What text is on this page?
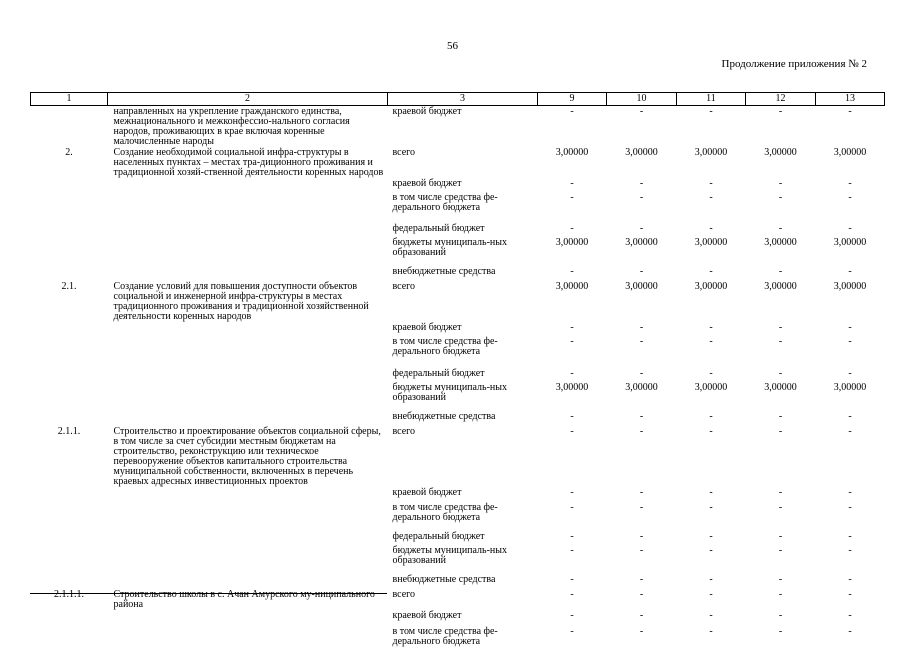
56
Продолжение приложения № 2
1	2	3	9	10	11	12	13
	направленных на укрепление гражданского единства, межнационального и межконфессио-нального согласия народов, проживающих в крае включая коренные малочисленные народы	краевой бюджет	-	-	-	-	-
2.	Создание необходимой социальной инфра-структуры в населенных пунктах – местах тра-диционного проживания и традиционной хозяй-ственной деятельности коренных народов	всего	3,00000	3,00000	3,00000	3,00000	3,00000
		краевой бюджет	-	-	-	-	-
		в том числе средства фе-дерального бюджета	-	-	-	-	-
		федеральный бюджет	-	-	-	-	-
		бюджеты муниципаль-ных образований	3,00000	3,00000	3,00000	3,00000	3,00000
		внебюджетные средства	-	-	-	-	-
2.1.	Создание условий для повышения доступности объектов социальной и инженерной инфра-структуры в местах традиционного проживания и традиционной хозяйственной деятельности коренных народов	всего	3,00000	3,00000	3,00000	3,00000	3,00000
		краевой бюджет	-	-	-	-	-
		в том числе средства фе-дерального бюджета	-	-	-	-	-
		федеральный бюджет	-	-	-	-	-
		бюджеты муниципаль-ных образований	3,00000	3,00000	3,00000	3,00000	3,00000
		внебюджетные средства	-	-	-	-	-
2.1.1.	Строительство и проектирование объектов социальной сферы, в том числе за счет субсидии местным бюджетам на строительство, реконструкцию или техническое перевооружение объектов капитального строительства муниципальной собственности, включенных в перечень краевых адресных инвестиционных проектов	всего	-	-	-	-	-
		краевой бюджет	-	-	-	-	-
		в том числе средства фе-дерального бюджета	-	-	-	-	-
		федеральный бюджет	-	-	-	-	-
		бюджеты муниципаль-ных образований	-	-	-	-	-
		внебюджетные средства	-	-	-	-	-
2.1.1.1.	Строительство школы в с. Ачан Амурского му-ниципального района	всего	-	-	-	-	-
		краевой бюджет	-	-	-	-	-
		в том числе средства фе-дерального бюджета	-	-	-	-	-
